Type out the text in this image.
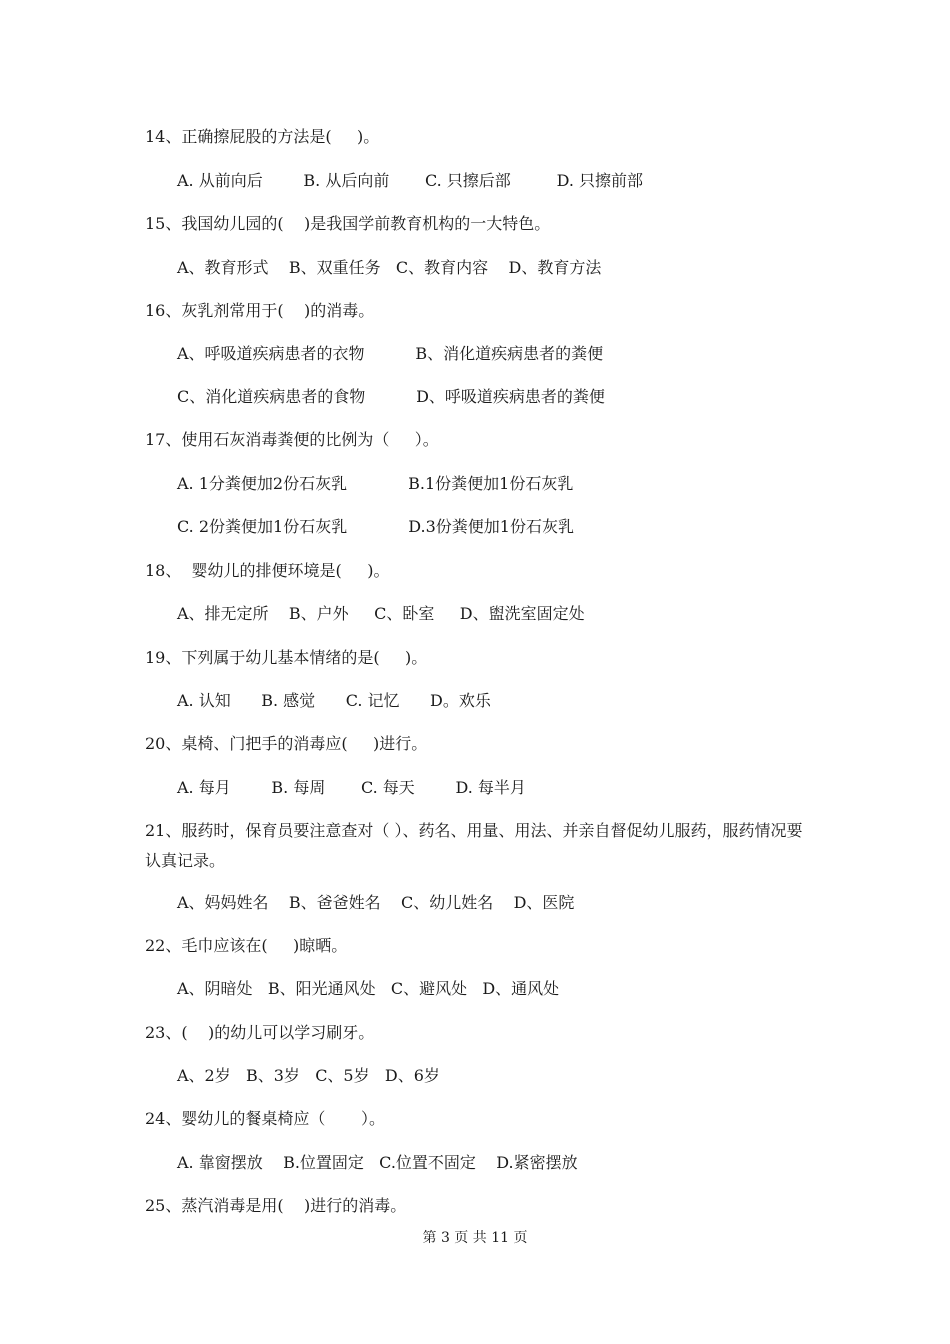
14、正确擦屁股的方法是(     )。
A. 从前向后        B. 从后向前       C. 只擦后部         D. 只擦前部
15、我国幼儿园的(    )是我国学前教育机构的一大特色。
A、教育形式    B、双重任务   C、教育内容    D、教育方法
16、灰乳剂常用于(    )的消毒。
A、呼吸道疾病患者的衣物          B、消化道疾病患者的粪便
C、消化道疾病患者的食物          D、呼吸道疾病患者的粪便
17、使用石灰消毒粪便的比例为（     ）。
A. 1分粪便加2份石灰乳            B.1份粪便加1份石灰乳
C. 2份粪便加1份石灰乳            D.3份粪便加1份石灰乳
18、  婴幼儿的排便环境是(     )。
A、排无定所    B、户外     C、卧室     D、盥洗室固定处
19、下列属于幼儿基本情绪的是(     )。
A. 认知      B. 感觉      C. 记忆      D。欢乐
20、桌椅、门把手的消毒应(     )进行。
A. 每月        B. 每周       C. 每天        D. 每半月
21、服药时，保育员要注意查对（ ）、药名、用量、用法、并亲自督促幼儿服药，服药情况要认真记录。
A、妈妈姓名    B、爸爸姓名    C、幼儿姓名    D、医院
22、毛巾应该在(     )晾晒。
A、阴暗处   B、阳光通风处   C、避风处   D、通风处
23、(    )的幼儿可以学习刷牙。
A、2岁   B、3岁   C、5岁   D、6岁
24、婴幼儿的餐桌椅应（       ）。
A. 靠窗摆放    B.位置固定   C.位置不固定    D.紧密摆放
25、蒸汽消毒是用(    )进行的消毒。
第 3 页 共 11 页
